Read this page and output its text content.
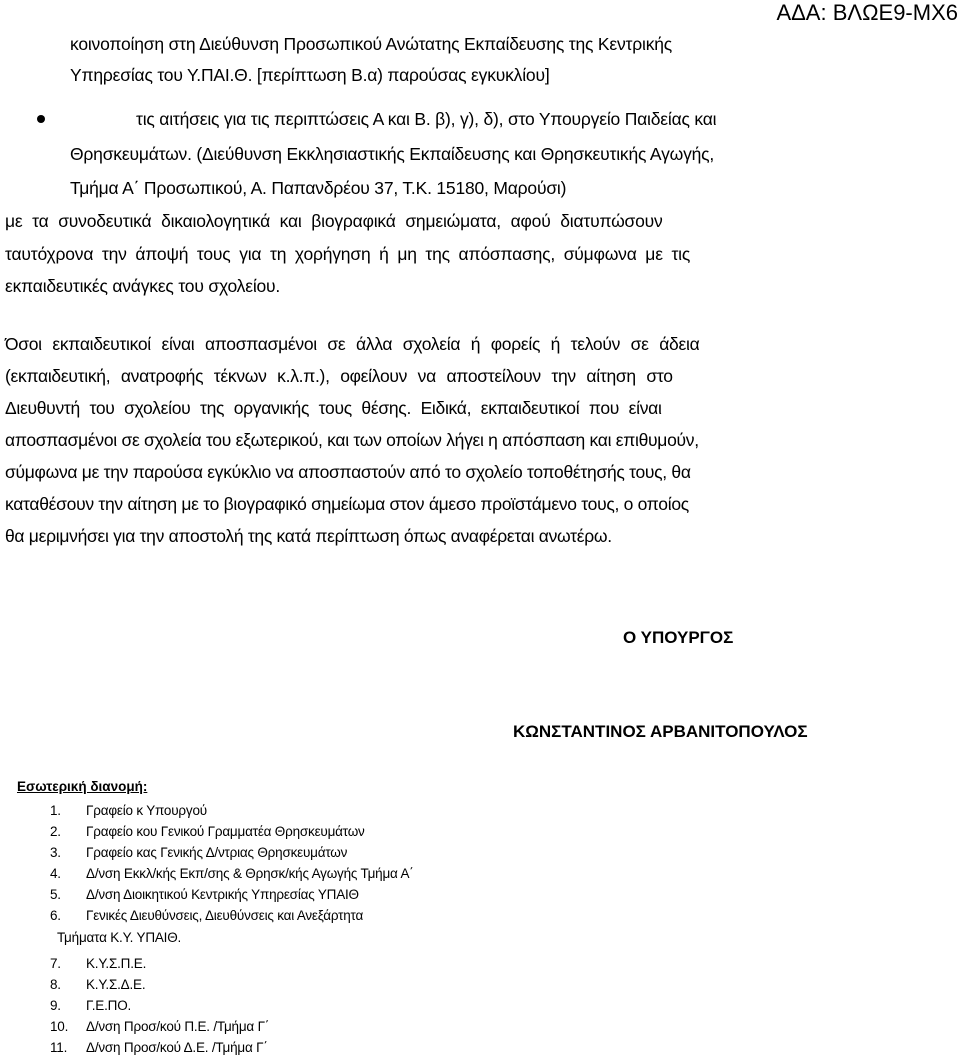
ΑΔΑ: ΒΛΩΕ9-ΜΧ6

κοινοποίηση στη Διεύθυνση Προσωπικού Ανώτατης Εκπαίδευσης της Κεντρικής

Υπηρεσίας του Υ.ΠΑΙ.Θ. [περίπτωση Β.α) παρούσας εγκυκλίου]

τις αιτήσεις για τις περιπτώσεις Α και Β. β), γ), δ), στο Υπουργείο Παιδείας και

Θρησκευμάτων. (Διεύθυνση Εκκλησιαστικής Εκπαίδευσης και Θρησκευτικής Αγωγής,

Τμήμα Α΄ Προσωπικού, Α. Παπανδρέου 37, Τ.Κ. 15180, Μαρούσι)

με τα συνοδευτικά δικαιολογητικά και βιογραφικά σημειώματα, αφού διατυπώσουν

ταυτόχρονα την άποψή τους για τη χορήγηση ή μη της απόσπασης, σύμφωνα με τις

εκπαιδευτικές ανάγκες του σχολείου.

Όσοι εκπαιδευτικοί είναι αποσπασμένοι σε άλλα σχολεία ή φορείς ή τελούν σε άδεια

(εκπαιδευτική, ανατροφής τέκνων κ.λ.π.), οφείλουν να αποστείλουν την αίτηση στο

Διευθυντή του σχολείου της οργανικής τους θέσης. Ειδικά, εκπαιδευτικοί που είναι

αποσπασμένοι σε σχολεία του εξωτερικού, και των οποίων λήγει η απόσπαση και επιθυμούν,

σύμφωνα με την παρούσα εγκύκλιο να αποσπαστούν από το σχολείο τοποθέτησής τους, θα

καταθέσουν την αίτηση με το βιογραφικό σημείωμα στον άμεσο προϊστάμενο τους, ο οποίος

θα μεριμνήσει για την αποστολή της κατά περίπτωση όπως αναφέρεται ανωτέρω.

Ο ΥΠΟΥΡΓΟΣ

ΚΩΝΣΤΑΝΤΙΝΟΣ ΑΡΒΑΝΙΤΟΠΟΥΛΟΣ

Εσωτερική διανομή:

1. Γραφείο κ Υπουργού
2. Γραφείο κου Γενικού Γραμματέα Θρησκευμάτων
3. Γραφείο κας Γενικής Δ/ντριας Θρησκευμάτων
4. Δ/νση Εκκλ/κής Εκπ/σης & Θρησκ/κής Αγωγής Τμήμα Α΄
5. Δ/νση Διοικητικού Κεντρικής Υπηρεσίας ΥΠΑΙΘ
6. Γενικές Διευθύνσεις, Διευθύνσεις και Ανεξάρτητα
Τμήματα Κ.Υ. ΥΠΑΙΘ.
7. Κ.Υ.Σ.Π.Ε.
8. Κ.Υ.Σ.Δ.Ε.
9. Γ.Ε.ΠΟ.
10. Δ/νση Προσ/κού Π.Ε. /Τμήμα Γ΄
11. Δ/νση Προσ/κού Δ.Ε. /Τμήμα Γ΄
